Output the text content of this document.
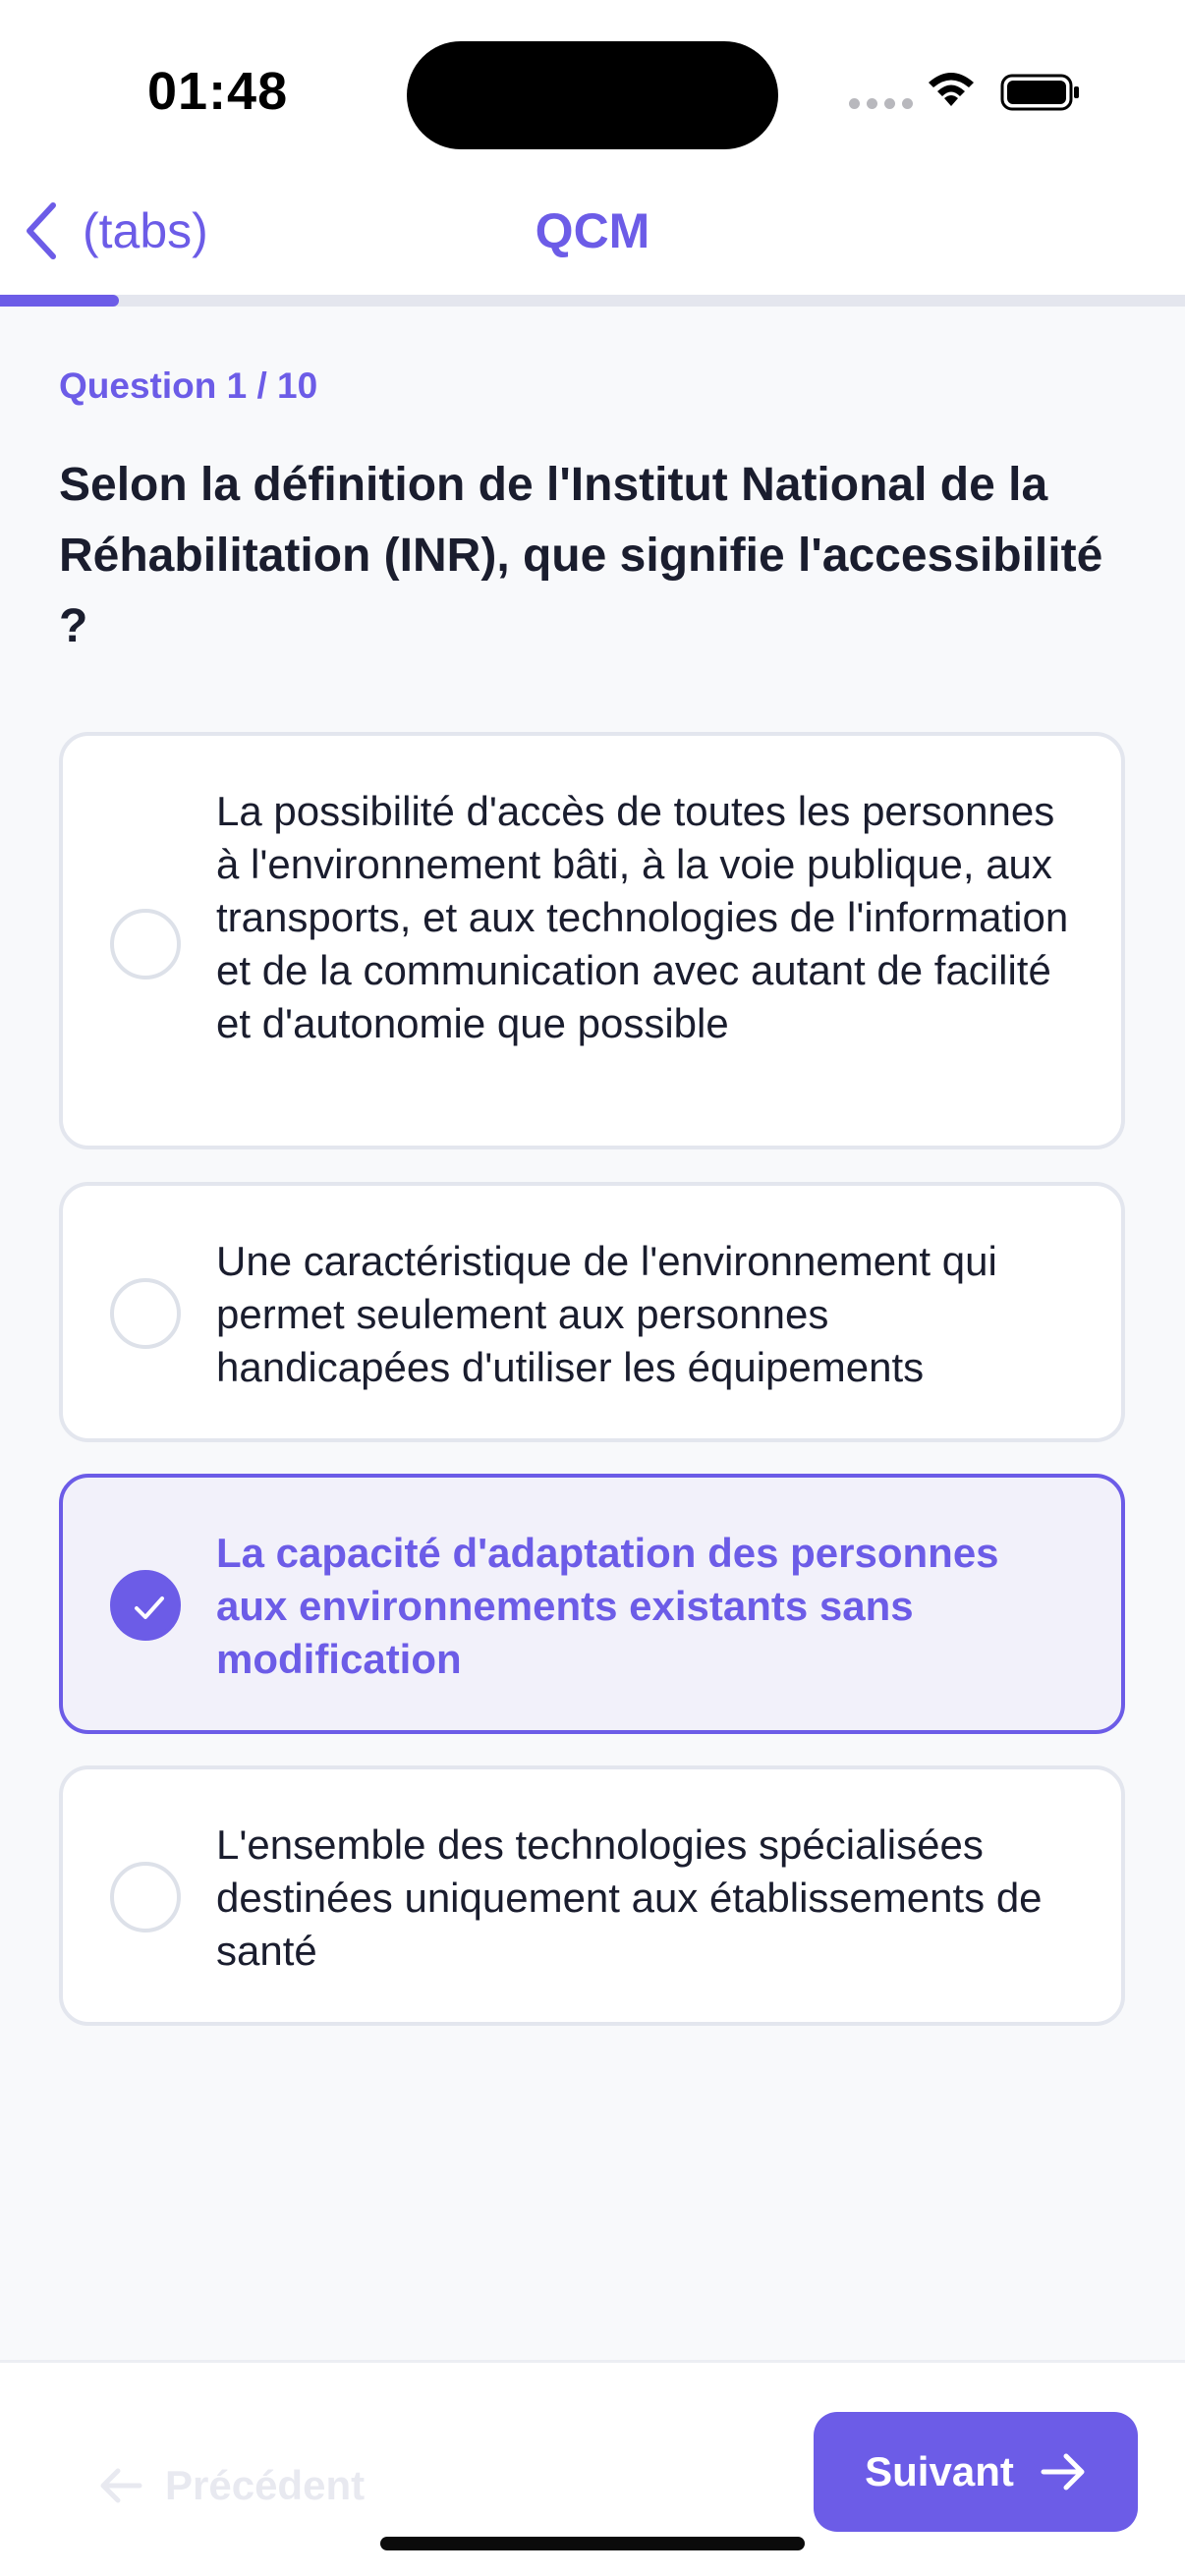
01:48
(tabs)	QCM
Question 1 / 10
Selon la définition de l'Institut National de la Réhabilitation (INR), que signifie l'accessibilité ?
La possibilité d'accès de toutes les personnes à l'environnement bâti, à la voie publique, aux transports, et aux technologies de l'information et de la communication avec autant de facilité et d'autonomie que possible
Une caractéristique de l'environnement qui permet seulement aux personnes handicapées d'utiliser les équipements
La capacité d'adaptation des personnes aux environnements existants sans modification
L'ensemble des technologies spécialisées destinées uniquement aux établissements de santé
Précédent	Suivant
